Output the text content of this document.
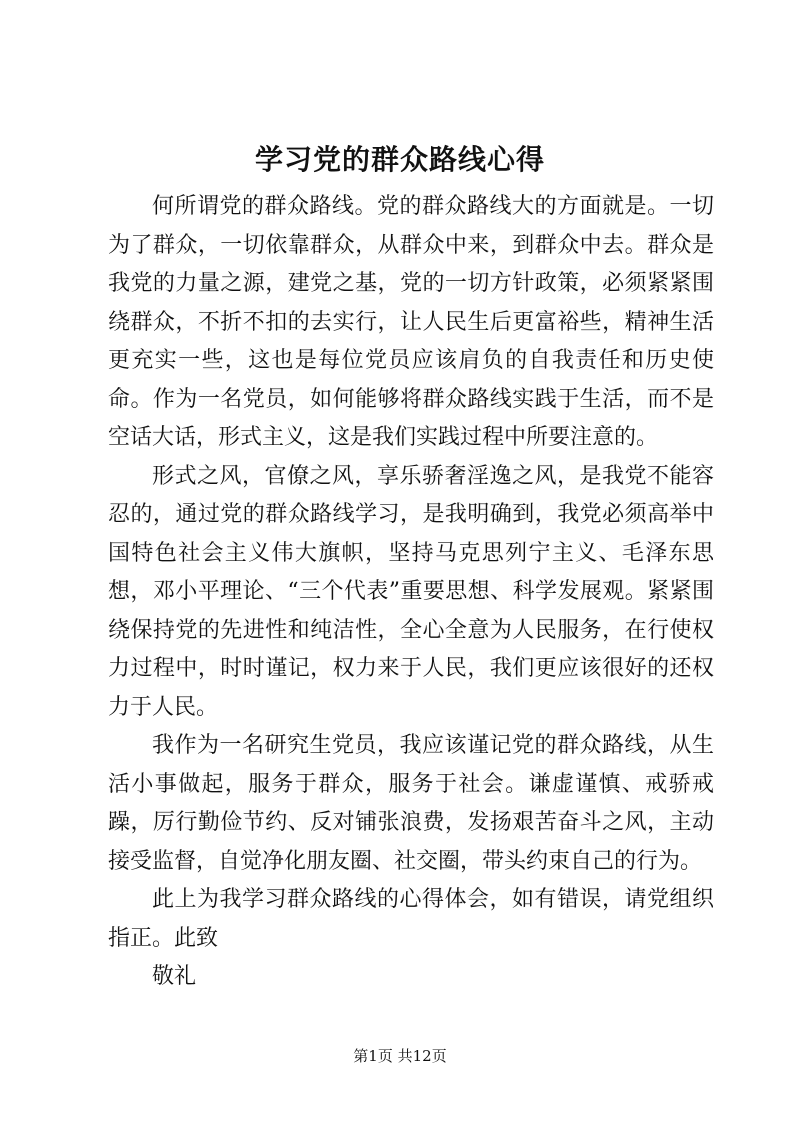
学习党的群众路线心得

何所谓党的群众路线。党的群众路线大的方面就是。一切为了群众，一切依靠群众，从群众中来，到群众中去。群众是我党的力量之源，建党之基，党的一切方针政策，必须紧紧围绕群众，不折不扣的去实行，让人民生后更富裕些，精神生活更充实一些，这也是每位党员应该肩负的自我责任和历史使命。作为一名党员，如何能够将群众路线实践于生活，而不是空话大话，形式主义，这是我们实践过程中所要注意的。

形式之风，官僚之风，享乐骄奢淫逸之风，是我党不能容忍的，通过党的群众路线学习，是我明确到，我党必须高举中国特色社会主义伟大旗帜，坚持马克思列宁主义、毛泽东思想，邓小平理论、“三个代表”重要思想、科学发展观。紧紧围绕保持党的先进性和纯洁性，全心全意为人民服务，在行使权力过程中，时时谨记，权力来于人民，我们更应该很好的还权力于人民。

我作为一名研究生党员，我应该谨记党的群众路线，从生活小事做起，服务于群众，服务于社会。谦虚谨慎、戒骄戒躁，厉行勤俭节约、反对铺张浪费，发扬艰苦奋斗之风，主动接受监督，自觉净化朋友圈、社交圈，带头约束自己的行为。

此上为我学习群众路线的心得体会，如有错误，请党组织指正。此致

敬礼

第1页 共12页
